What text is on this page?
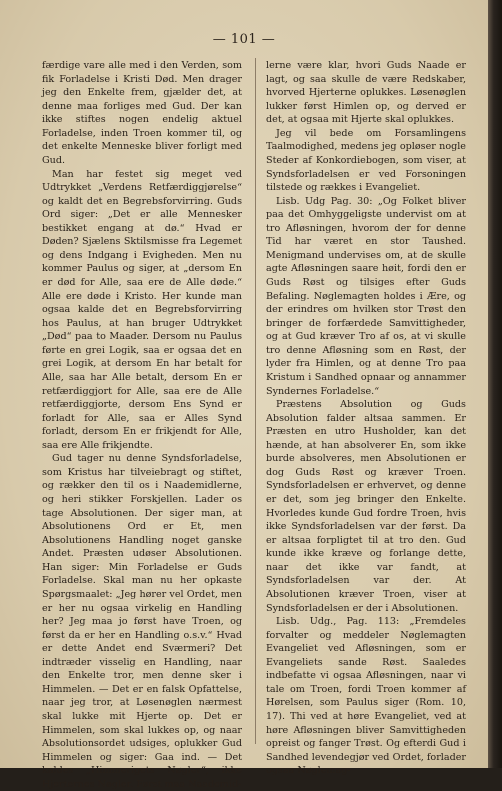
— 101 —

færdige vare alle med i den Verden, som fik Forladelse i Kristi Død. Men drager jeg den Enkelte frem, gjælder det, at denne maa forliges med Gud. Der kan ikke stiftes nogen endelig aktuel Forladelse, inden Troen kommer til, og det enkelte Menneske bliver forligt med Gud.

Man har festet sig meget ved Udtrykket „Verdens Retfærdiggjørelse“ og kaldt det en Begrebsforvirring. Guds Ord siger: „Det er alle Mennesker bestikket engang at dø.“ Hvad er Døden? Sjælens Sktilsmisse fra Legemet og dens Indgang i Evigheden. Men nu kommer Paulus og siger, at „dersom En er død for Alle, saa ere de Alle døde.“ Alle ere døde i Kristo. Her kunde man ogsaa kalde det en Begrebsforvirring hos Paulus, at han bruger Udtrykket „Død“ paa to Maader. Dersom nu Paulus førte en grei Logik, saa er ogsaa det en grei Logik, at dersom En har betalt for Alle, saa har Alle betalt, dersom En er retfærdiggjort for Alle, saa ere de Alle retfærdiggjorte, dersom Ens Synd er forladt for Alle, saa er Alles Synd forladt, dersom En er frikjendt for Alle, saa ere Alle frikjendte.

Gud tager nu denne Syndsforladelse, som Kristus har tilveiebragt og stiftet, og rækker den til os i Naademidlerne, og heri stikker Forskjellen. Lader os tage Absolutionen. Der siger man, at Absolutionens Ord er Et, men Absolutionens Handling noget ganske Andet. Præsten udøser Absolutionen. Han siger: Min Forladelse er Guds Forladelse. Skal man nu her opkaste Spørgsmaalet: „Jeg hører vel Ordet, men er her nu ogsaa virkelig en Handling her? Jeg maa jo først have Troen, og først da er her en Handling o.s.v.“ Hvad er dette Andet end Sværmeri? Det indtræder visselig en Handling, naar den Enkelte tror, men denne sker i Himmelen. — Det er en falsk Opfattelse, naar jeg tror, at Løsenøglen nærmest skal lukke mit Hjerte op. Det er Himmelen, som skal lukkes op, og naar Absolutionsordet udsiges, oplukker Gud Himmelen og siger: Gaa ind. — Det kaldes „Himmerigets Nøgler“, ikke Hjerternes Nøgler. Først maa Naademid-

lerne være klar, hvori Guds Naade er lagt, og saa skulle de være Redskaber, hvorved Hjerterne oplukkes. Løsenøglen lukker først Himlen op, og derved er det, at ogsaa mit Hjerte skal oplukkes.

Jeg vil bede om Forsamlingens Taalmodighed, medens jeg opløser nogle Steder af Konkordiebogen, som viser, at Syndsforladelsen er ved Forsoningen tilstede og rækkes i Evangeliet.

Lisb. Udg Pag. 30: „Og Folket bliver paa det Omhyggeligste undervist om at tro Afløsningen, hvorom der for denne Tid har været en stor Taushed. Menigmand undervises om, at de skulle agte Afløsningen saare høit, fordi den er Guds Røst og tilsiges efter Guds Befaling. Nøglemagten holdes i Ære, og der erindres om hvilken stor Trøst den bringer de forfærdede Samvittigheder, og at Gud kræver Tro af os, at vi skulle tro denne Afløsning som en Røst, der lyder fra Himlen, og at denne Tro paa Kristum i Sandhed opnaar og annammer Syndernes Forladelse.“

Præstens Absolution og Guds Absolution falder altsaa sammen. Er Præsten en utro Husholder, kan det hænde, at han absolverer En, som ikke burde absolveres, men Absolutionen er dog Guds Røst og kræver Troen. Syndsforladelsen er erhvervet, og denne er det, som jeg bringer den Enkelte. Hvorledes kunde Gud fordre Troen, hvis ikke Syndsforladelsen var der først. Da er altsaa forpligtet til at tro den. Gud kunde ikke kræve og forlange dette, naar det ikke var fandt, at Syndsforladelsen var der. At Absolutionen kræver Troen, viser at Syndsforladelsen er der i Absolutionen.

Lisb. Udg., Pag. 113: „Fremdeles forvalter og meddeler Nøglemagten Evangeliet ved Afløsningen, som er Evangeliets sande Røst. Saaledes indbefatte vi ogsaa Afløsningen, naar vi tale om Troen, fordi Troen kommer af Hørelsen, som Paulus siger (Rom. 10, 17). Thi ved at høre Evangeliet, ved at høre Afløsningen bliver Samvittigheden opreist og fanger Trøst. Og efterdi Gud i Sandhed levendegjør ved Ordet, forlader ogsaa Nøglemag-
